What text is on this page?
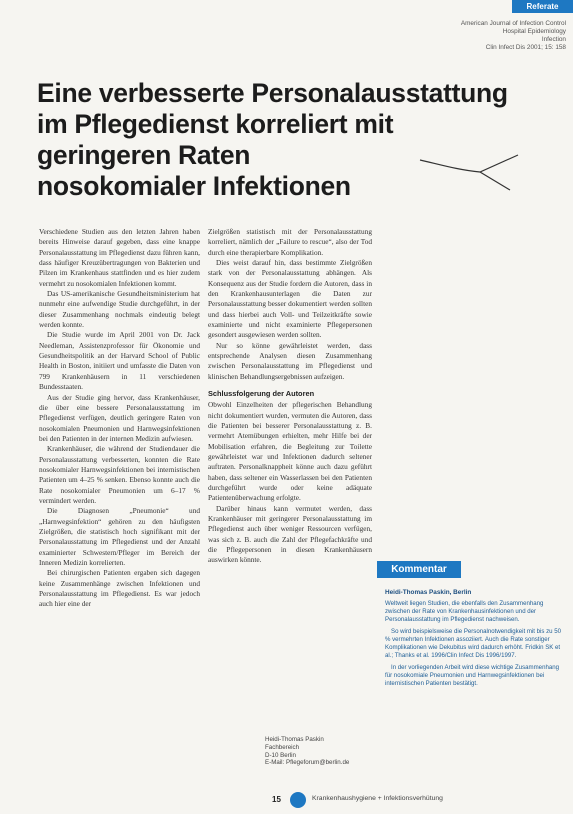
Referate
American Journal of Infection Control
Hospital Epidemiology
Infection
Clin Infect Dis 2001; 15: 158
Eine verbesserte Personalausstattung
im Pflegedienst korreliert mit
geringeren Raten
nosokomialer Infektionen

Verschiedene Studien aus den letzten Jahren haben bereits Hinweise darauf gegeben, dass eine knappe Personalausstattung im Pflegedienst dazu führen kann, dass häufiger Kreuzübertragungen von Bakterien und Pilzen im Krankenhaus stattfinden und es hier zudem vermehrt zu nosokomialen Infektionen kommt.

Das US-amerikanische Gesundheitsministerium hat nunmehr eine aufwendige Studie durchgeführt, in der dieser Zusammenhang nochmals eindeutig belegt werden konnte.

Die Studie wurde im April 2001 von Dr. Jack Needleman, Assistenzprofessor für Ökonomie und Gesundheitspolitik an der Harvard School of Public Health in Boston, initiiert und umfasste die Daten von 799 Krankenhäusern in 11 verschiedenen Bundesstaaten.

Aus der Studie ging hervor, dass Krankenhäuser, die über eine bessere Personalausstattung im Pflegedienst verfügen, deutlich geringere Raten von nosokomialen Pneumonien und Harnwegsinfektionen bei den Patienten in der internen Medizin aufwiesen.

Krankenhäuser, die während der Studiendauer die Personalausstattung verbesserten, konnten die Rate nosokomialer Harnwegsinfektionen bei internistischen Patienten um 4–25 % senken. Ebenso konnte auch die Rate nosokomialer Pneumonien um 6–17 % vermindert werden.

Die Diagnosen „Pneumonie“ und „Harnwegsinfektion“ gehören zu den häufigsten Zielgrößen, die statistisch hoch signifikant mit der Personalausstattung im Pflegedienst und der Anzahl examinierter Schwestern/Pfleger im Bereich der Inneren Medizin korrelierten.

Bei chirurgischen Patienten ergaben sich dagegen keine Zusammenhänge zwischen Infektionen und Personalausstattung im Pflegedienst. Es war jedoch auch hier eine der

Zielgrößen statistisch mit der Personalausstattung korreliert, nämlich der „Failure to rescue“, also der Tod durch eine therapierbare Komplikation.

Dies weist darauf hin, dass bestimmte Zielgrößen stark von der Personalausstattung abhängen. Als Konsequenz aus der Studie fordern die Autoren, dass in den Krankenhausunterlagen die Daten zur Personalausstattung besser dokumentiert werden sollten und dass hierbei auch Voll- und Teilzeitkräfte sowie examinierte und nicht examinierte Pflegepersonen gesondert ausgewiesen werden sollten.

Nur so könne gewährleistet werden, dass entsprechende Analysen diesen Zusammenhang zwischen Personalausstattung im Pflegedienst und klinischen Behandlungsergebnissen aufzeigen.

Schlussfolgerung der Autoren

Obwohl Einzelheiten der pflegerischen Behandlung nicht dokumentiert wurden, vermuten die Autoren, dass die Patienten bei besserer Personalausstattung z. B. vermehrt Atemübungen erhielten, mehr Hilfe bei der Mobilisation erfahren, die Begleitung zur Toilette gewährleistet war und Infektionen dadurch seltener auftraten. Personalknappheit könne auch dazu geführt haben, dass seltener ein Wasserlassen bei den Patienten durchgeführt wurde oder keine adäquate Patientenüberwachung erfolgte.

Darüber hinaus kann vermutet werden, dass Krankenhäuser mit geringerer Personalausstattung im Pflegedienst auch über weniger Ressourcen verfügen, was sich z. B. auch die Zahl der Pflegefachkräfte und die Pflegepersonen in diesen Krankenhäusern auswirken könnte.

Heidi-Thomas Paskin
Fachbereich
D-10 Berlin
E-Mail: Pflegeforum@berlin.de
Kommentar
Heidi-Thomas Paskin, Berlin

Weltweit liegen Studien, die ebenfalls den Zusammenhang zwischen der Rate von Krankenhausinfektionen und der Personalausstattung im Pflegedienst nachweisen.

So wird beispielsweise die Personalnotwendigkeit mit bis zu 50 % vermehrten Infektionen assoziiert. Auch die Rate sonstiger Komplikationen wie Dekubitus wird dadurch erhöht. Fridkin SK et al.; Thanks et al. 1996/Clin Infect Dis 1996/1997.

In der vorliegenden Arbeit wird diese wichtige Zusammenhang für nosokomiale Pneumonien und Harnwegsinfektionen bei internistischen Patienten bestätigt.

15	Krankenhaushygiene + Infektionsverhütung
